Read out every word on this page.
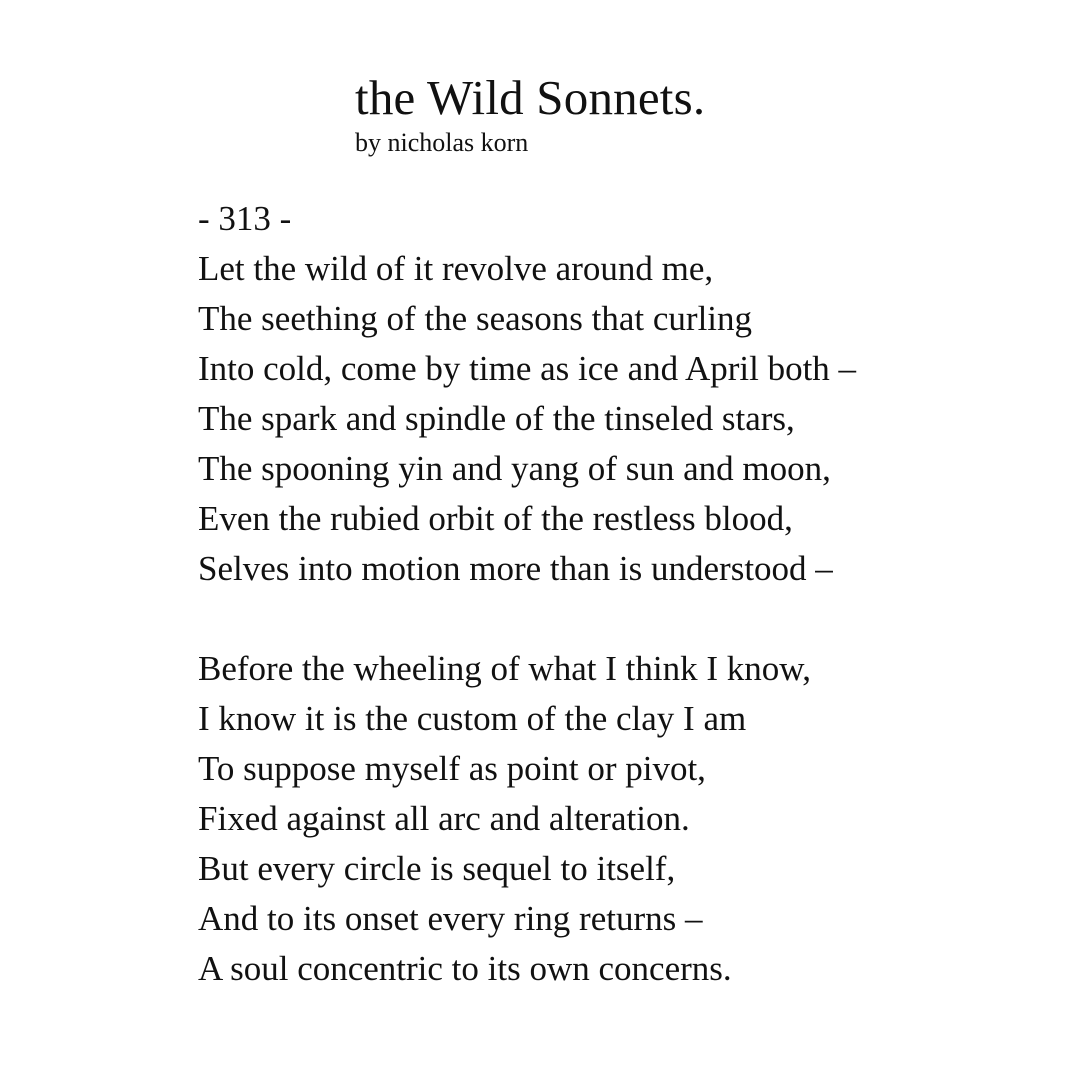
the Wild Sonnets.

by nicholas korn

- 313 -
Let the wild of it revolve around me,
The seething of the seasons that curling
Into cold, come by time as ice and April both –
The spark and spindle of the tinseled stars,
The spooning yin and yang of sun and moon,
Even the rubied orbit of the restless blood,
Selves into motion more than is understood –
Before the wheeling of what I think I know,
I know it is the custom of the clay I am
To suppose myself as point or pivot,
Fixed against all arc and alteration.
But every circle is sequel to itself,
And to its onset every ring returns –
A soul concentric to its own concerns.
